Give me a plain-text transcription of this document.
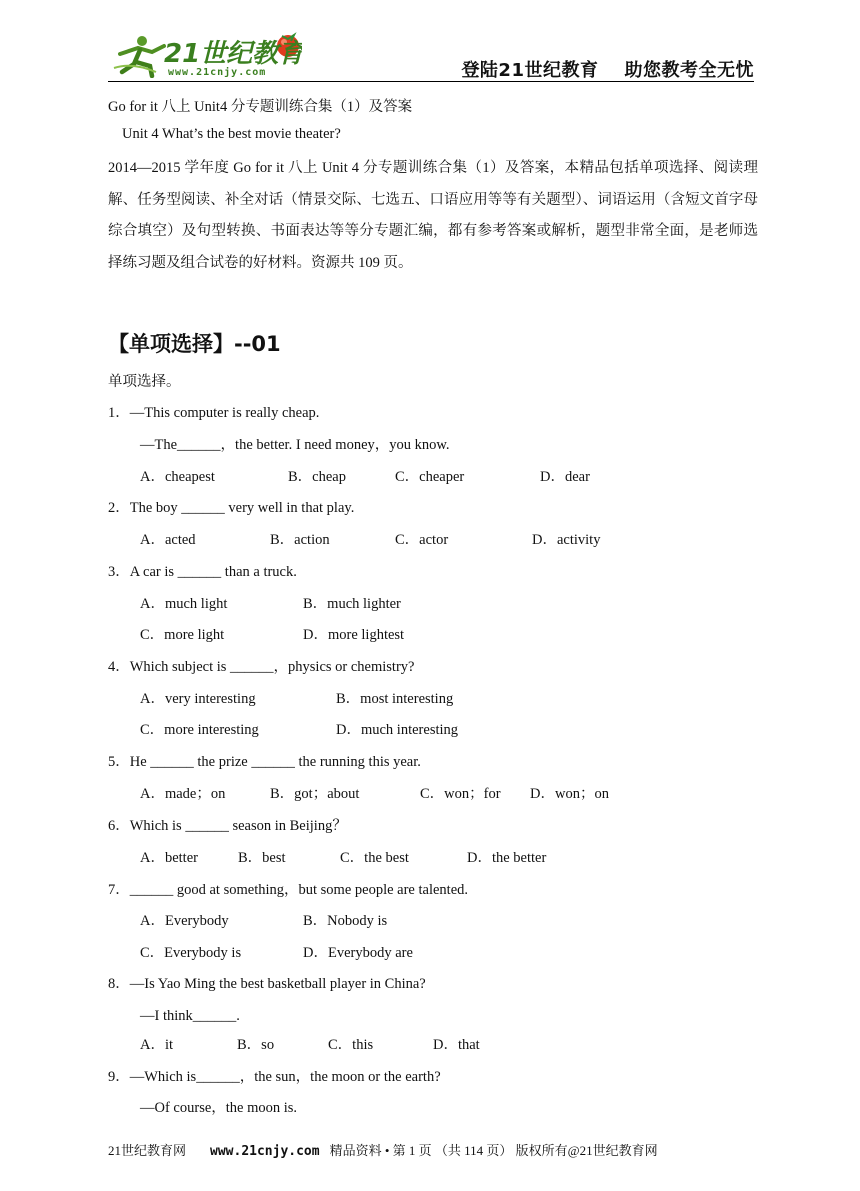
21世纪教育
www.21cnjy.com	登陆21世纪教育 助您教考全无忧
Go for it 八上 Unit4 分专题训练合集（1）及答案
Unit 4 What’s the best movie theater?
2014—2015 学年度 Go for it 八上 Unit 4 分专题训练合集（1）及答案，本精品包括单项选择、阅读理解、任务型阅读、补全对话（情景交际、七选五、口语应用等等有关题型）、词语运用（含短文首字母综合填空）及句型转换、书面表达等等分专题汇编，都有参考答案或解析，题型非常全面，是老师选择练习题及组合试卷的好材料。资源共 109 页。
【单项选择】--01
单项选择。
1．—This computer is really cheap.
—The______，the better. I need money，you know.
A．cheapest	B．cheap	C．cheaper	D．dear
2．The boy ______ very well in that play.
A．acted	B．action	C．actor	D．activity
3．A car is ______ than a truck.
A．much light	B．much lighter
C．more light	D．more lightest
4．Which subject is ______，physics or chemistry?
A．very interesting	B．most interesting
C．more interesting	D．much interesting
5．He ______ the prize ______ the running this year.
A．made；on	B．got；about	C．won；for D．won；on
6．Which is ______ season in Beijing？
A．better	B．best	C．the best	D．the better
7．______ good at something，but some people are talented.
A．Everybody	B．Nobody is
C．Everybody is	D．Everybody are
8．—Is Yao Ming the best basketball player in China?
—I think______.
A．it	B．so	C．this	D．that
9．—Which is______，the sun，the moon or the earth?
—Of course，the moon is.
21世纪教育网 www.21cnjy.com 精品资料 • 第 1 页 （共 114 页） 版权所有@21世纪教育网
